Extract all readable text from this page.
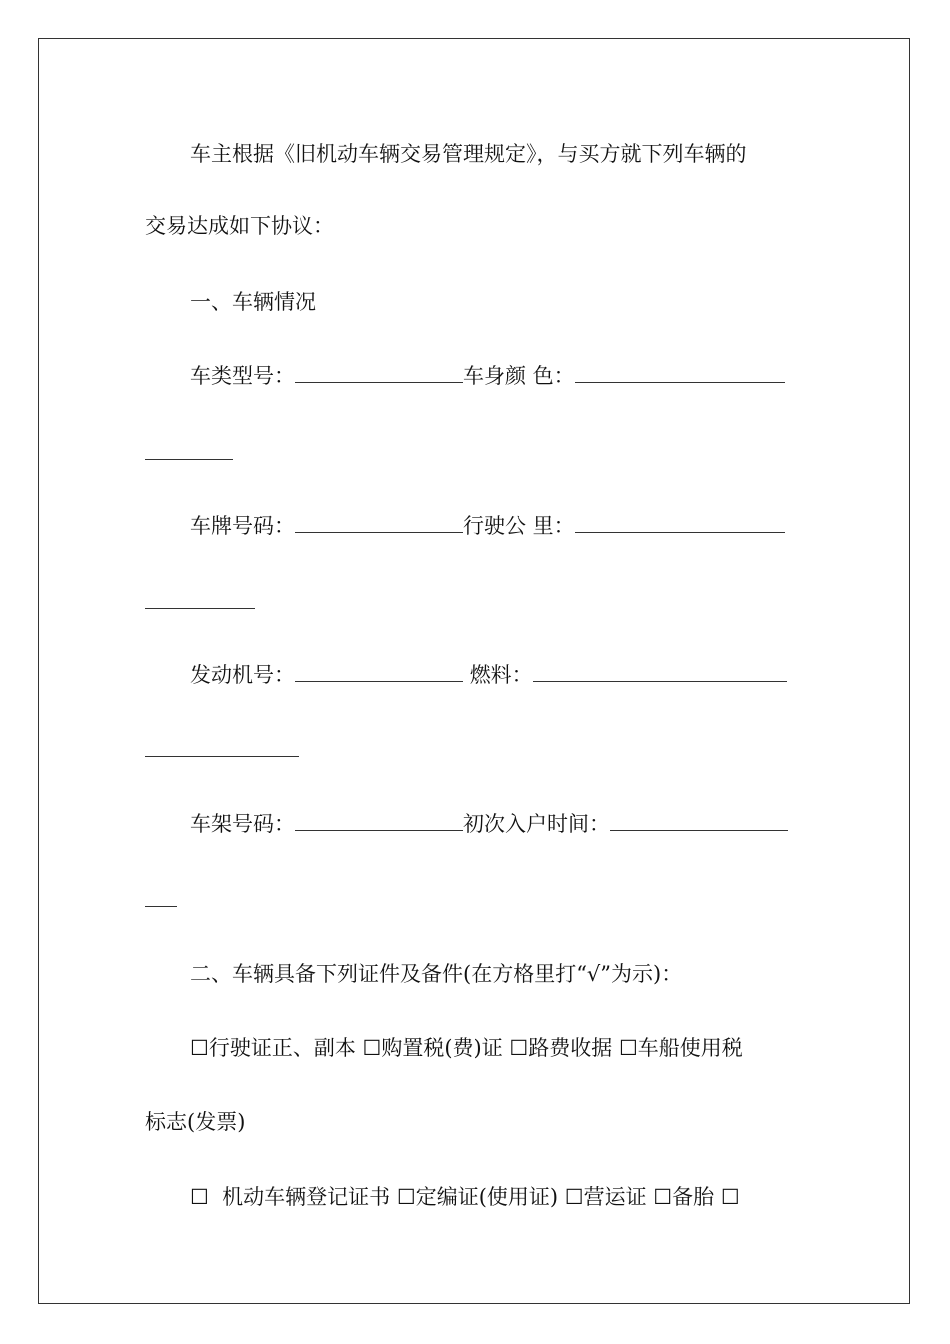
车主根据《旧机动车辆交易管理规定》，与买方就下列车辆的
交易达成如下协议：
一、车辆情况
车类型号：	车身颜 色：
车牌号码：	行驶公 里：
发动机号：	燃料：
车架号码：	初次入户时间：
二、车辆具备下列证件及备件(在方格里打“√”为示)：
☐行驶证正、副本 ☐购置税(费)证 ☐路费收据 ☐车船使用税
标志(发票)
☐  机动车辆登记证书 ☐定编证(使用证) ☐营运证 ☐备胎 ☐
